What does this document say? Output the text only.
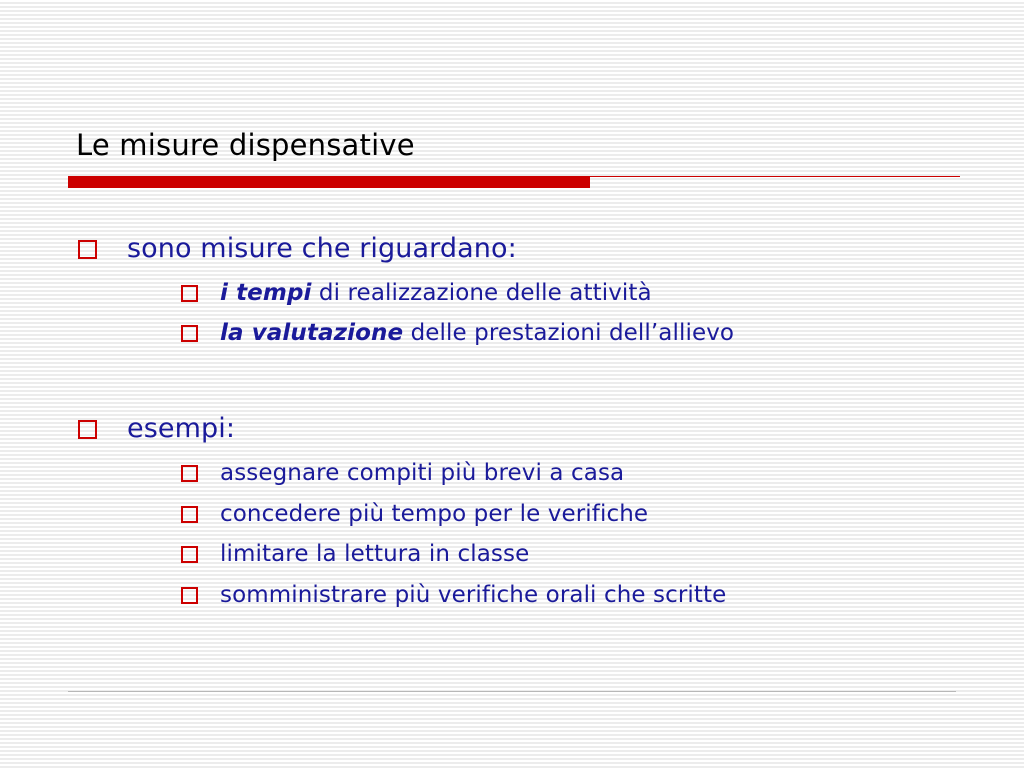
Le misure dispensative
sono misure che riguardano:
i tempi di realizzazione delle attività
la valutazione delle prestazioni dell’allievo
esempi:
assegnare compiti più brevi a casa
concedere più tempo per le verifiche
limitare la lettura in classe
somministrare più verifiche orali che scritte
